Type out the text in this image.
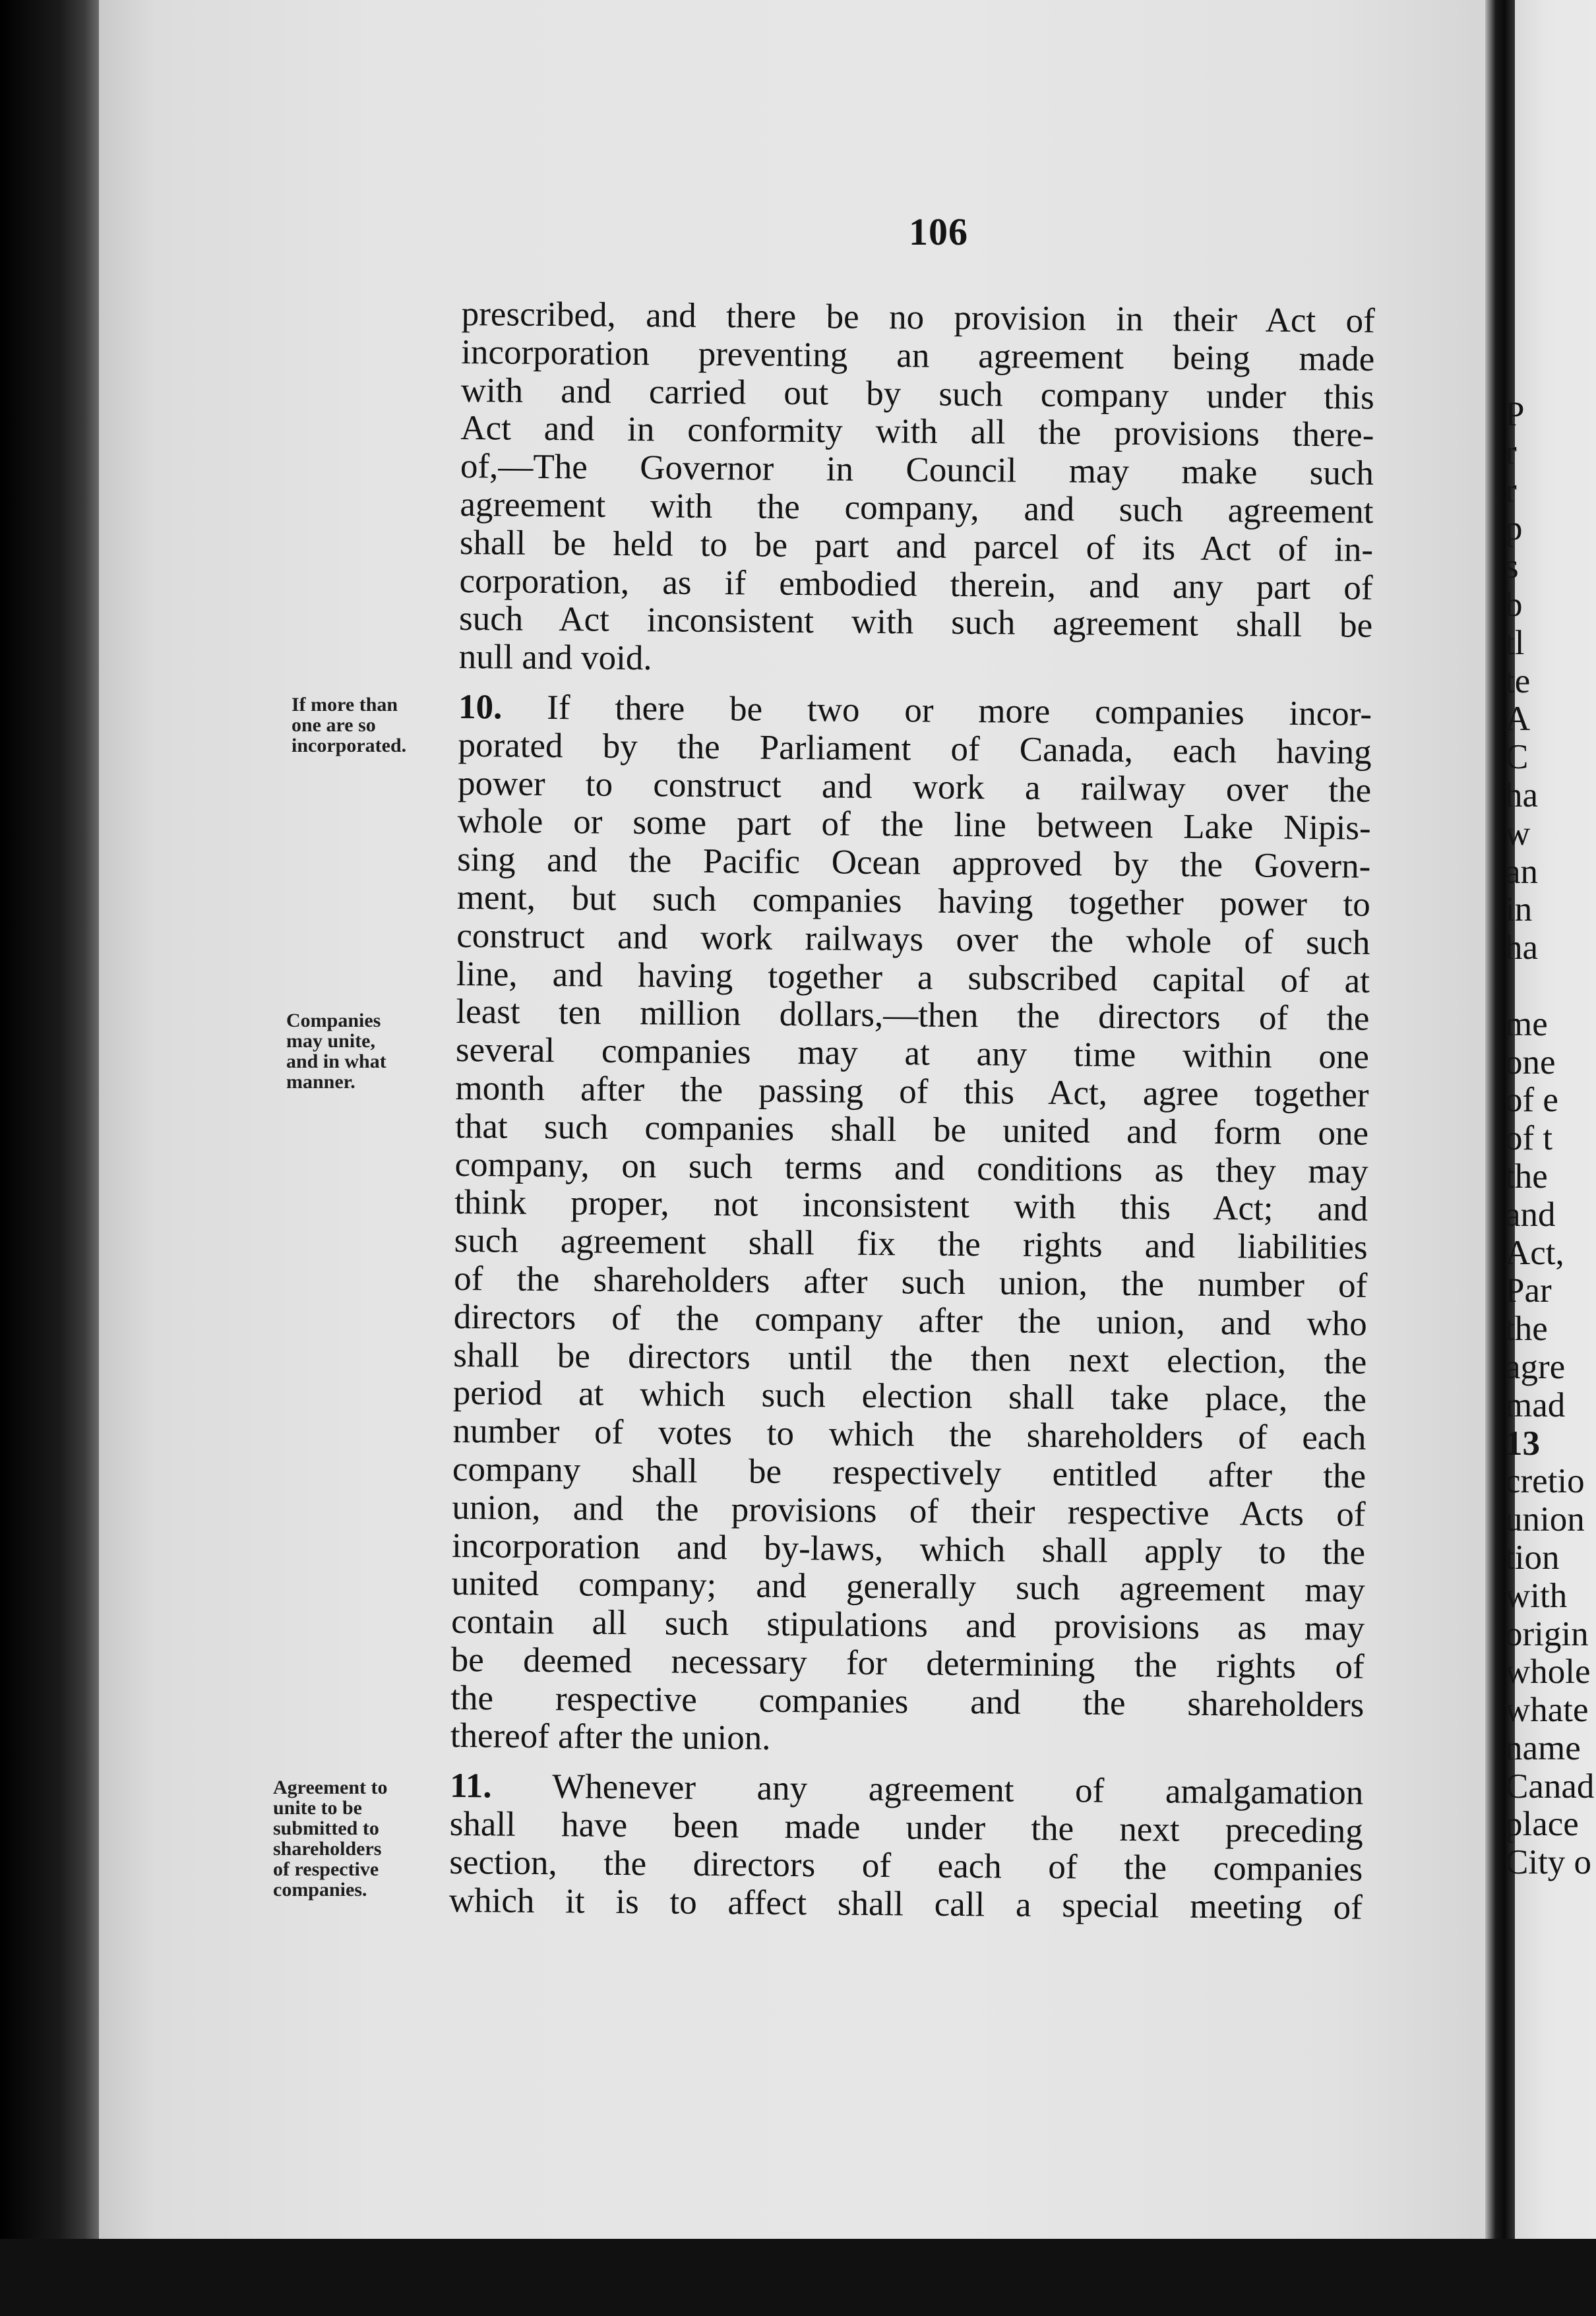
106
If more than
one are so
incorporated.
Companies
may unite,
and in what
manner.
Agreement to
unite to be
submitted to
shareholders
of respective
companies.
prescribed, and there be no provision in their Act of
incorporation preventing an agreement being made
with and carried out by such company under this
Act and in conformity with all the provisions there-
of,—The Governor in Council may make such
agreement with the company, and such agreement
shall be held to be part and parcel of its Act of in-
corporation, as if embodied therein, and any part of
such Act inconsistent with such agreement shall be
null and void.
10. If there be two or more companies incor-
porated by the Parliament of Canada, each having
power to construct and work a railway over the
whole or some part of the line between Lake Nipis-
sing and the Pacific Ocean approved by the Govern-
ment, but such companies having together power to
construct and work railways over the whole of such
line, and having together a subscribed capital of at
least ten million dollars,—then the directors of the
several companies may at any time within one
month after the passing of this Act, agree together
that such companies shall be united and form one
company, on such terms and conditions as they may
think proper, not inconsistent with this Act; and
such agreement shall fix the rights and liabilities
of the shareholders after such union, the number of
directors of the company after the union, and who
shall be directors until the then next election, the
period at which such election shall take place, the
number of votes to which the shareholders of each
company shall be respectively entitled after the
union, and the provisions of their respective Acts of
incorporation and by-laws, which shall apply to the
united company; and generally such agreement may
contain all such stipulations and provisions as may
be deemed necessary for determining the rights of
the respective companies and the shareholders
thereof after the union.
11. Whenever any agreement of amalgamation
shall have been made under the next preceding
section, the directors of each of the companies
which it is to affect shall call a special meeting of
P
r
r
p
s
b
tl
te
A
C
ha
w
an
in
ha
me
one
of e
of t
the
and
Act,
Par
the
agre
mad
13
cretio
union
tion
with
origin
whole
whate
name
Canad
place
City o
